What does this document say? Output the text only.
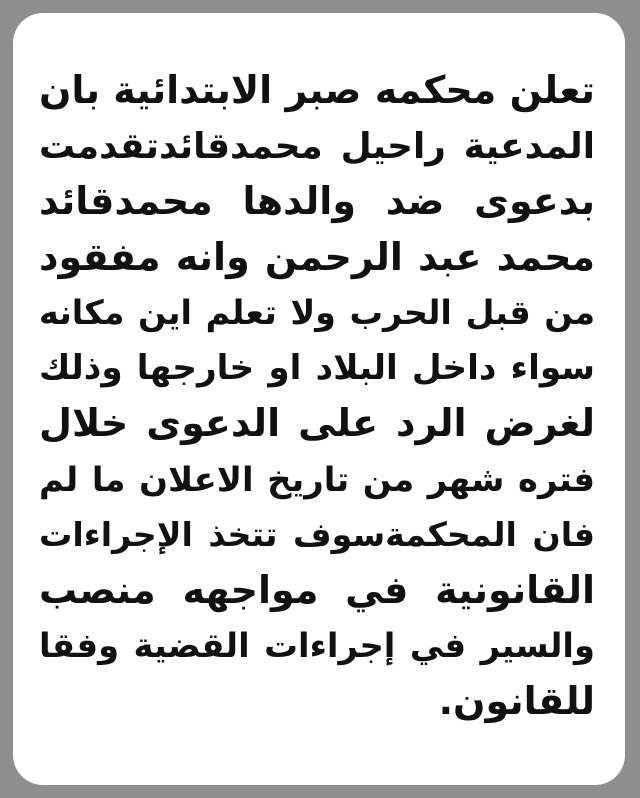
تعلن محكمه صبر الابتدائية بان
المدعية راحيل محمدقائدتقدمت
بدعوى ضد والدها محمدقائد
محمد عبد الرحمن وانه مفقود
من قبل الحرب ولا تعلم اين مكانه
سواء داخل البلاد او خارجها وذلك
لغرض الرد على الدعوى خلال
فتره شهر من تاريخ الاعلان ما لم
فان المحكمةسوف تتخذ الإجراءات
القانونية في مواجهه منصب
والسير في إجراءات القضية وفقا
للقانون.
